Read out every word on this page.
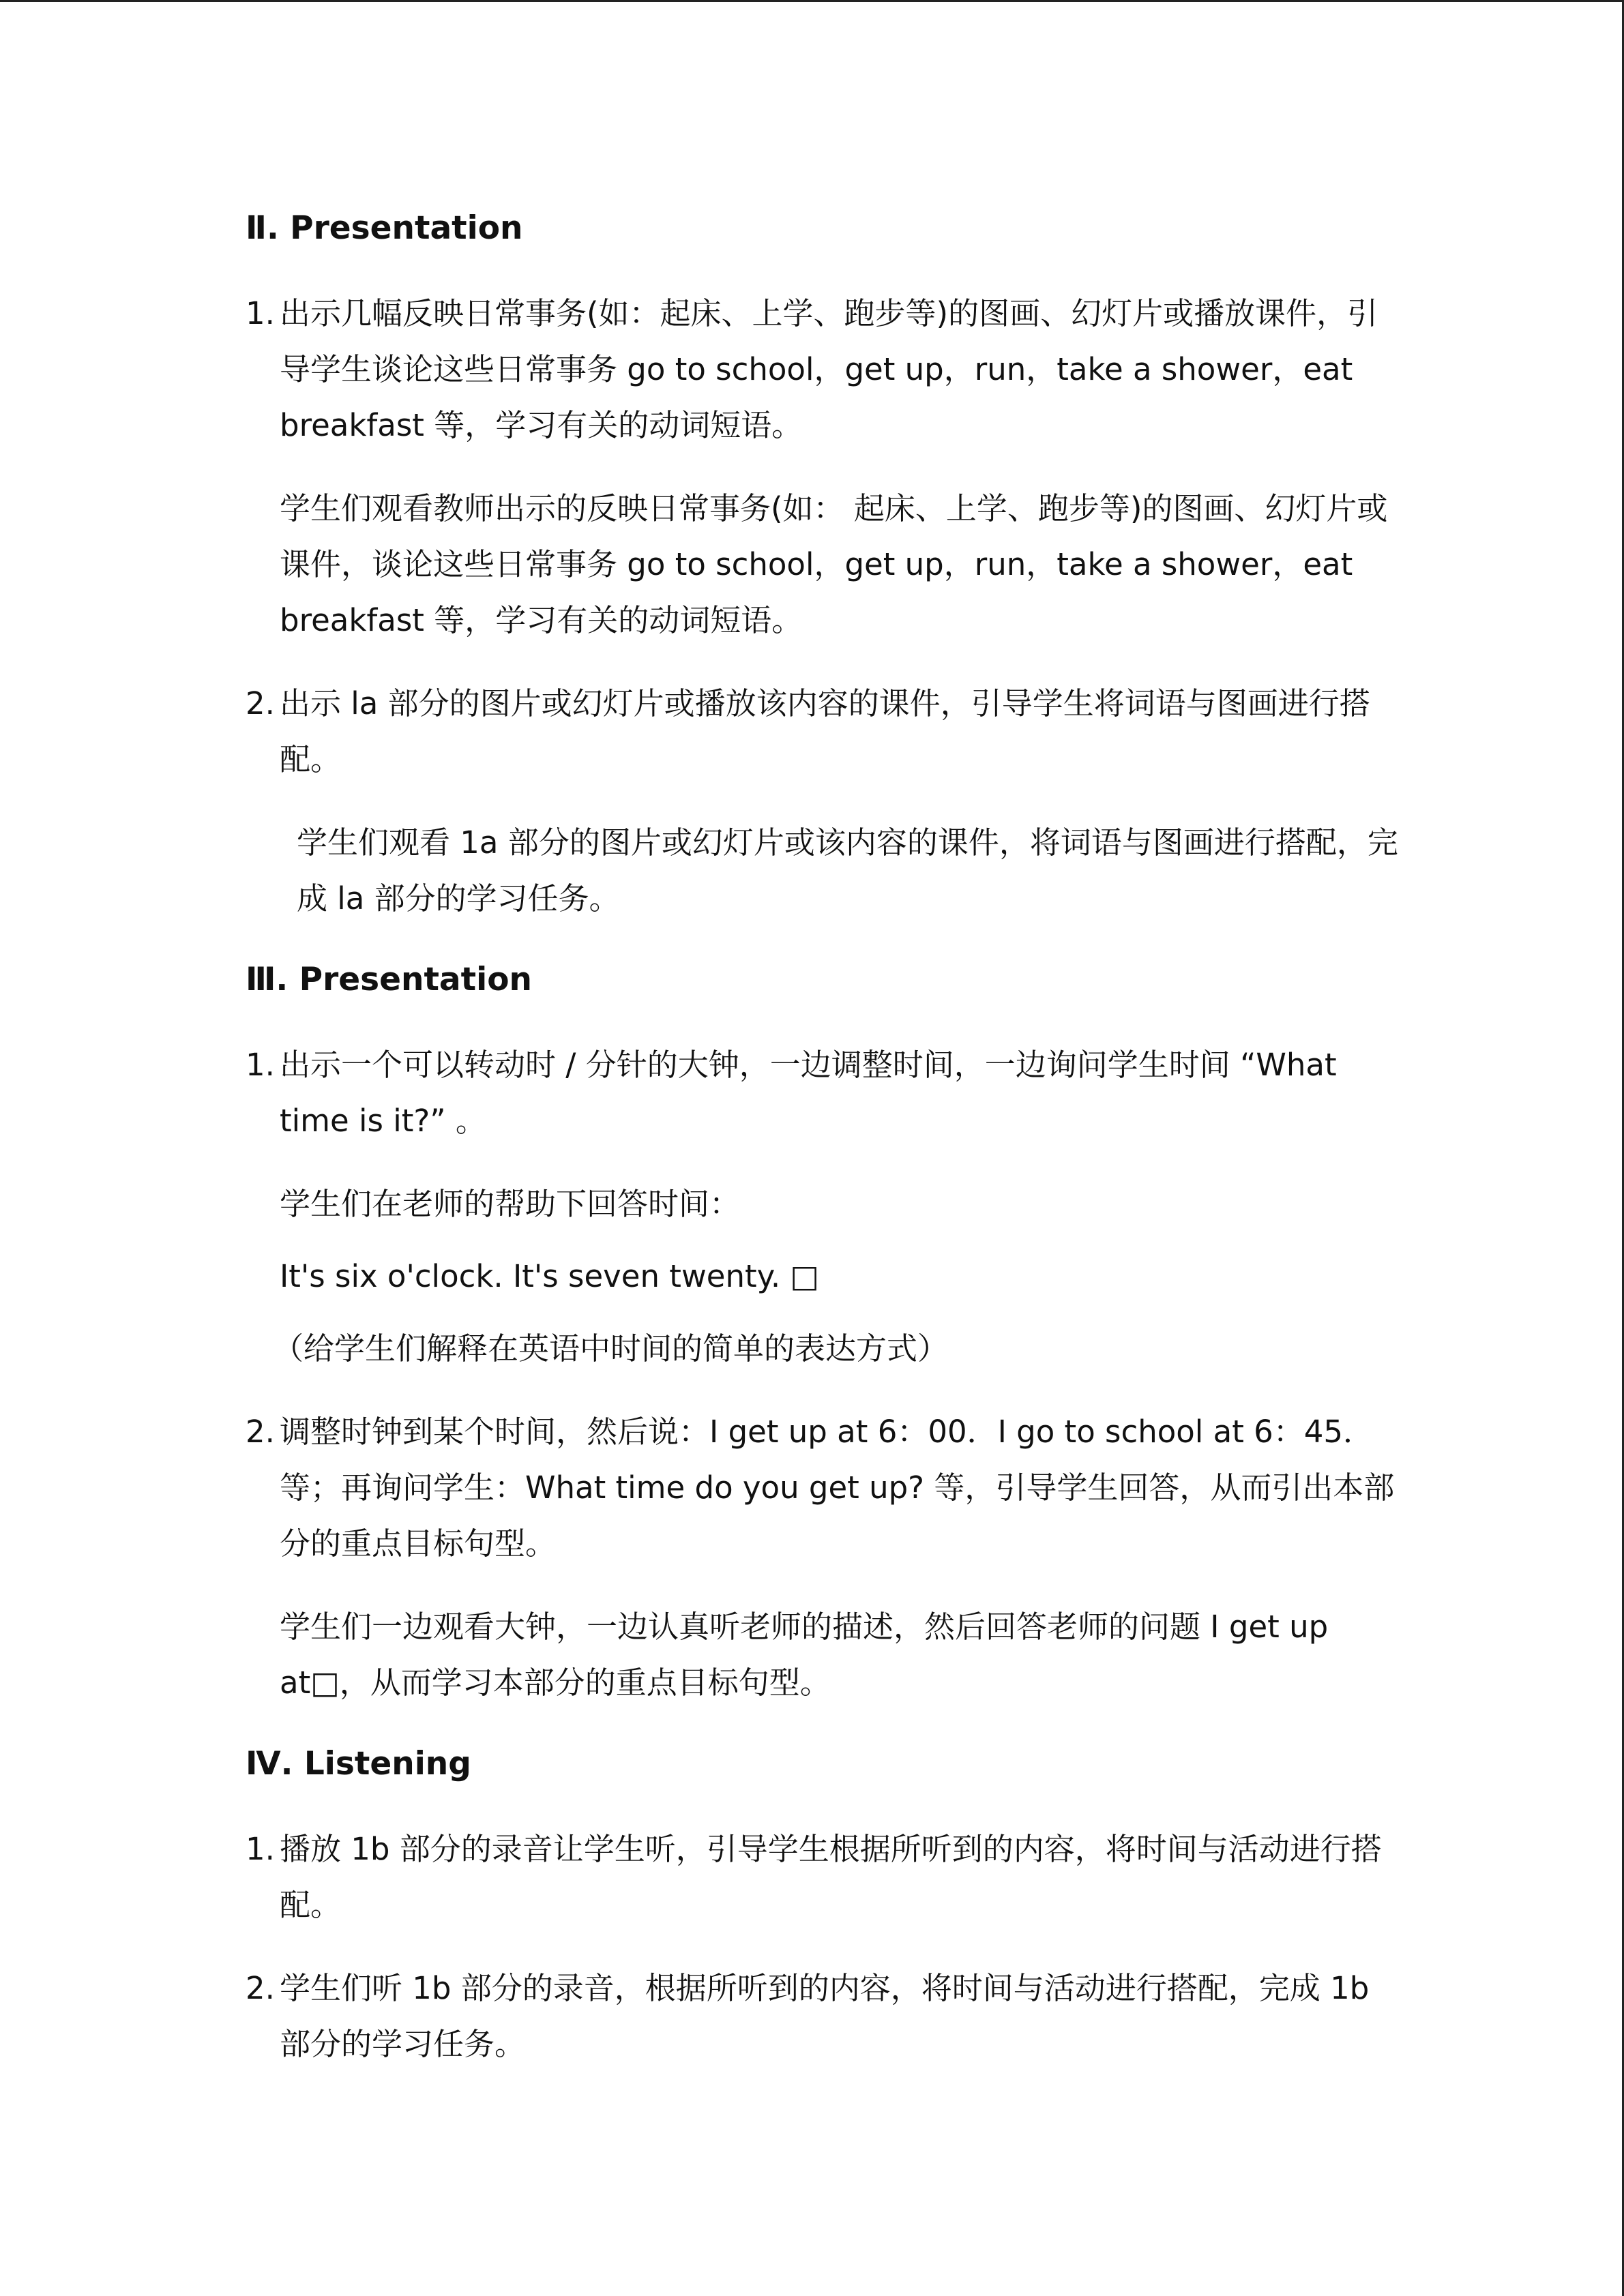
Ⅱ. Presentation
1. 出示几幅反映日常事务(如：起床、上学、跑步等)的图画、幻灯片或播放课件，引导学生谈论这些日常事务 go to school，get up，run，take a shower，eat breakfast 等，学习有关的动词短语。
学生们观看教师出示的反映日常事务(如： 起床、上学、跑步等)的图画、幻灯片或课件，谈论这些日常事务 go to school，get up，run，take a shower，eat breakfast 等，学习有关的动词短语。
2. 出示 la 部分的图片或幻灯片或播放该内容的课件，引导学生将词语与图画进行搭配。
学生们观看 1a 部分的图片或幻灯片或该内容的课件，将词语与图画进行搭配，完成 la 部分的学习任务。
Ⅲ. Presentation
1. 出示一个可以转动时 / 分针的大钟，一边调整时间，一边询问学生时间 “What time is it?” 。
学生们在老师的帮助下回答时间：
It's six o'clock. It's seven twenty. □
（给学生们解释在英语中时间的简单的表达方式）
2. 调整时钟到某个时间，然后说：I get up at 6：00．I go to school at 6：45．等；再询问学生：What time do you get up? 等，引导学生回答，从而引出本部分的重点目标句型。
学生们一边观看大钟，一边认真听老师的描述，然后回答老师的问题 I get up at□，从而学习本部分的重点目标句型。
Ⅳ. Listening
1. 播放 1b 部分的录音让学生听，引导学生根据所听到的内容，将时间与活动进行搭配。
2. 学生们听 1b 部分的录音，根据所听到的内容，将时间与活动进行搭配，完成 1b 部分的学习任务。
